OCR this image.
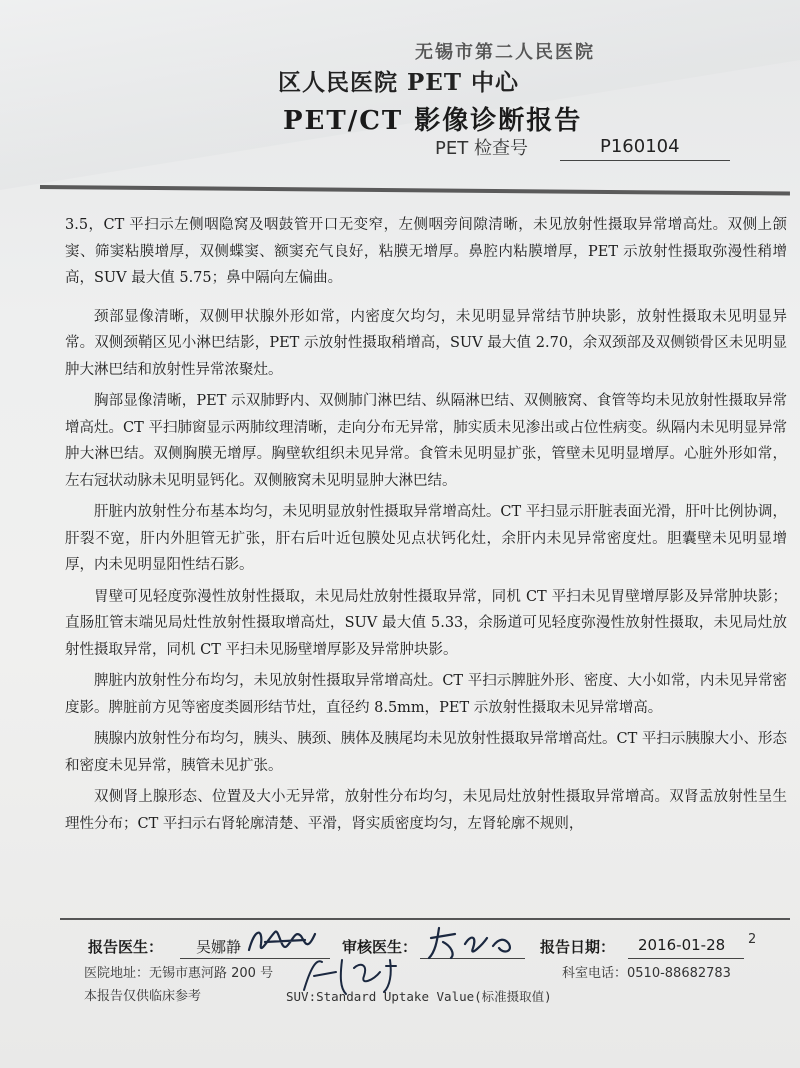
区人民医院 PET 中心
PET/CT 影像诊断报告
PET 检查号	P160104

3.5，CT 平扫示左侧咽隐窝及咽鼓管开口无变窄，左侧咽旁间隙清晰，未见放射性摄取异常增高灶。双侧上颌窦、筛窦粘膜增厚，双侧蝶窦、额窦充气良好，粘膜无增厚。鼻腔内粘膜增厚，PET 示放射性摄取弥漫性稍增高，SUV 最大值 5.75；鼻中隔向左偏曲。

颈部显像清晰，双侧甲状腺外形如常，内密度欠均匀，未见明显异常结节肿块影，放射性摄取未见明显异常。双侧颈鞘区见小淋巴结影，PET 示放射性摄取稍增高，SUV 最大值 2.70，余双颈部及双侧锁骨区未见明显肿大淋巴结和放射性异常浓聚灶。

胸部显像清晰，PET 示双肺野内、双侧肺门淋巴结、纵隔淋巴结、双侧腋窝、食管等均未见放射性摄取异常增高灶。CT 平扫肺窗显示两肺纹理清晰，走向分布无异常，肺实质未见渗出或占位性病变。纵隔内未见明显异常肿大淋巴结。双侧胸膜无增厚。胸壁软组织未见异常。食管未见明显扩张，管壁未见明显增厚。心脏外形如常，左右冠状动脉未见明显钙化。双侧腋窝未见明显肿大淋巴结。

肝脏内放射性分布基本均匀，未见明显放射性摄取异常增高灶。CT 平扫显示肝脏表面光滑，肝叶比例协调，肝裂不宽，肝内外胆管无扩张，肝右后叶近包膜处见点状钙化灶，余肝内未见异常密度灶。胆囊壁未见明显增厚，内未见明显阳性结石影。

胃壁可见轻度弥漫性放射性摄取，未见局灶放射性摄取异常，同机 CT 平扫未见胃壁增厚影及异常肿块影；直肠肛管末端见局灶性放射性摄取增高灶，SUV 最大值 5.33，余肠道可见轻度弥漫性放射性摄取，未见局灶放射性摄取异常，同机 CT 平扫未见肠壁增厚影及异常肿块影。

脾脏内放射性分布均匀，未见放射性摄取异常增高灶。CT 平扫示脾脏外形、密度、大小如常，内未见异常密度影。脾脏前方见等密度类圆形结节灶，直径约 8.5mm，PET 示放射性摄取未见异常增高。

胰腺内放射性分布均匀，胰头、胰颈、胰体及胰尾均未见放射性摄取异常增高灶。CT 平扫示胰腺大小、形态和密度未见异常，胰管未见扩张。

双侧肾上腺形态、位置及大小无异常，放射性分布均匀，未见局灶放射性摄取异常增高。双肾盂放射性呈生理性分布；CT 平扫示右肾轮廓清楚、平滑，肾实质密度均匀，左肾轮廓不规则，

报告医生： 吴娜静	审核医生：	报告日期： 2016-01-28 2
医院地址：无锡市惠河路 200 号	科室电话：0510-88682783
本报告仅供临床参考	SUV:Standard Uptake Value(标准摄取值)
